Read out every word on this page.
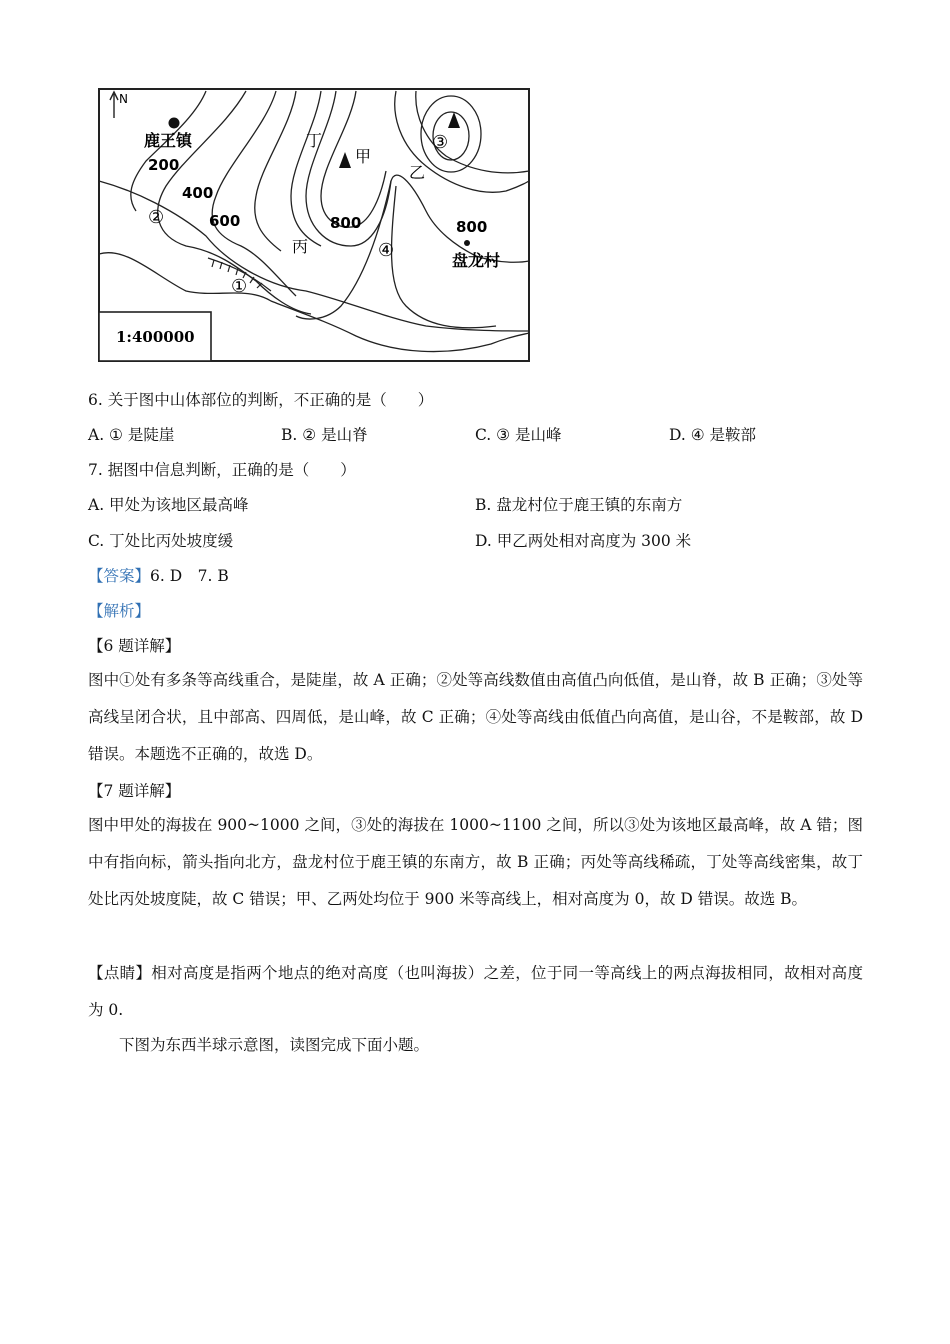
N
鹿王镇
200
400
600	800	800
丁
甲
乙
③
丙	④
②
①
盘龙村
1:400000
6. 关于图中山体部位的判断，不正确的是（　　）
A. ① 是陡崖	B. ② 是山脊	C. ③ 是山峰	D. ④ 是鞍部
7. 据图中信息判断，正确的是（　　）
A. 甲处为该地区最高峰	B. 盘龙村位于鹿王镇的东南方
C. 丁处比丙处坡度缓	D. 甲乙两处相对高度为 300 米
【答案】6. D　7. B
【解析】
【6 题详解】
图中①处有多条等高线重合，是陡崖，故 A 正确；②处等高线数值由高值凸向低值，是山脊，故 B 正确；③处等高线呈闭合状，且中部高、四周低，是山峰，故 C 正确；④处等高线由低值凸向高值，是山谷，不是鞍部，故 D 错误。本题选不正确的，故选 D。
【7 题详解】
图中甲处的海拔在 900~1000 之间，③处的海拔在 1000~1100 之间，所以③处为该地区最高峰，故 A 错；图中有指向标，箭头指向北方，盘龙村位于鹿王镇的东南方，故 B 正确；丙处等高线稀疏，丁处等高线密集，故丁处比丙处坡度陡，故 C 错误；甲、乙两处均位于 900 米等高线上，相对高度为 0，故 D 错误。故选 B。
【点睛】相对高度是指两个地点的绝对高度（也叫海拔）之差，位于同一等高线上的两点海拔相同，故相对高度为 0.
下图为东西半球示意图，读图完成下面小题。
